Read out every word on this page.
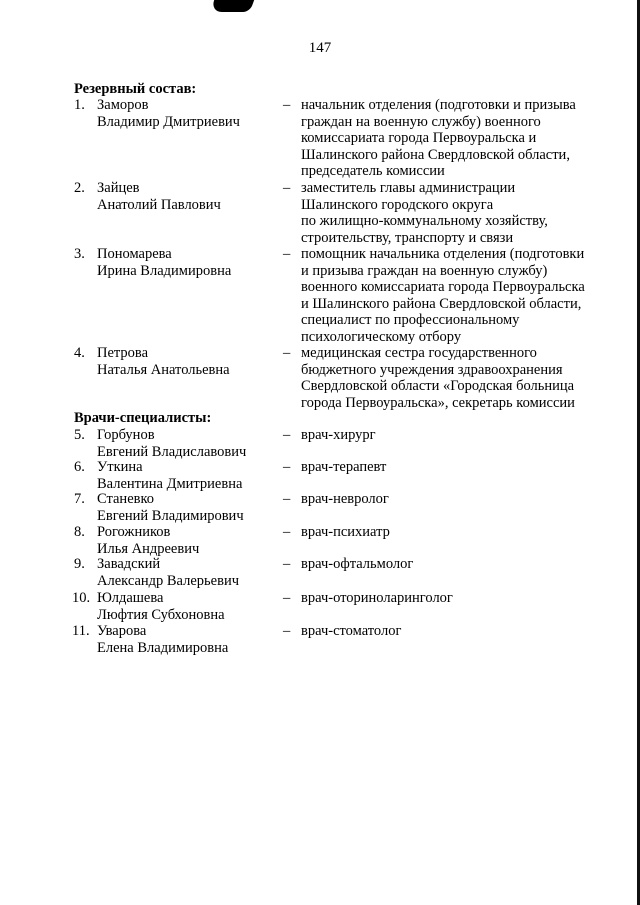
147
Резервный состав:
1. Заморов
Владимир Дмитриевич
– начальник отделения (подготовки и призыва
граждан на военную службу) военного
комиссариата города Первоуральска и
Шалинского района Свердловской области,
председатель комиссии
2. Зайцев
Анатолий Павлович
– заместитель главы администрации
Шалинского городского округа
по жилищно-коммунальному хозяйству,
строительству, транспорту и связи
3. Пономарева
Ирина Владимировна
– помощник начальника отделения (подготовки
и призыва граждан на военную службу)
военного комиссариата города Первоуральска
и Шалинского района Свердловской области,
специалист по профессиональному
психологическому отбору
4. Петрова
Наталья Анатольевна
– медицинская сестра государственного
бюджетного учреждения здравоохранения
Свердловской области «Городская больница
города Первоуральска», секретарь комиссии
Врачи-специалисты:
5. Горбунов
Евгений Владиславович
– врач-хирург
6. Уткина
Валентина Дмитриевна
– врач-терапевт
7. Станевко
Евгений Владимирович
– врач-невролог
8. Рогожников
Илья Андреевич
– врач-психиатр
9. Завадский
Александр Валерьевич
– врач-офтальмолог
10. Юлдашева
Люфтия Субхоновна
– врач-оториноларинголог
11. Уварова
Елена Владимировна
– врач-стоматолог
